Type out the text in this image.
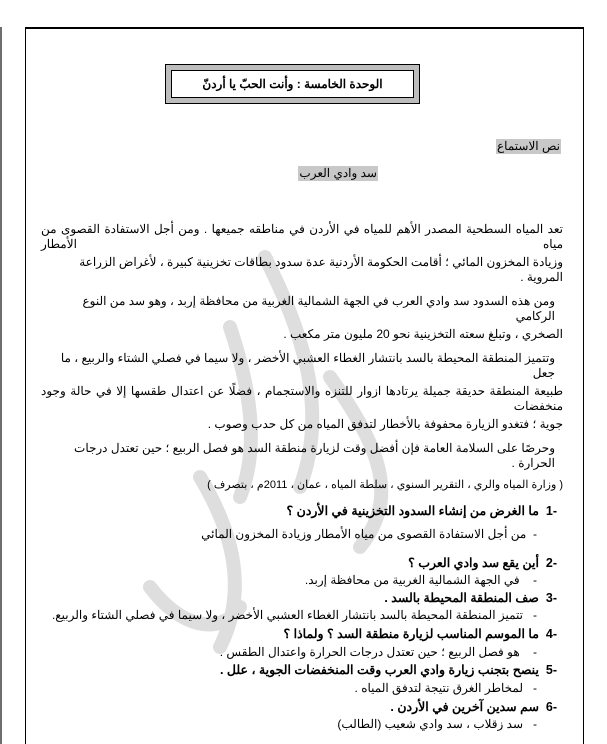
الوحدة الخامسة : وأنت الحبّ يا أردنّ
نص الاستماع
سد وادي العرب
تعد المياه السطحية المصدر الأهم للمياه في الأردن في مناطقه جميعها . ومن أجل الاستفادة القصوى من مياه الأمطار
وزيادة المخزون المائي ؛ أقامت الحكومة الأردنية عدة سدود بطاقات تخزينية كبيرة ، لأغراض الزراعة المروية .
ومن هذه السدود سد وادي العرب في الجهة الشمالية الغربية من محافظة إربد ، وهو سد من النوع الركامي
الصخري ، وتبلغ سعته التخزينية نحو 20 مليون متر مكعب .
وتتميز المنطقة المحيطة بالسد بانتشار الغطاء العشبي الأخضر ، ولا سيما في فصلي الشتاء والربيع ، ما جعل
طبيعة المنطقة حديقة جميلة يرتادها ازوار للتنزه والاستجمام ، فضلًا عن اعتدال طقسها إلا في حالة وجود منخفضات
جوية ؛ فتغدو الزيارة محفوفة بالأخطار لتدفق المياه من كل حدب وصوب .
وحرصًا على السلامة العامة فإن أفضل وقت لزيارة منطقة السد هو فصل الربيع ؛ حين تعتدل درجات الحرارة .
( وزارة المياه والري ، التقرير السنوي ، سلطة المياه ، عمان ، 2011م ، بتصرف )
-1  ما الغرض من إنشاء السدود التخزينية في الأردن ؟
-  من أجل الاستفادة القصوى من مياه الأمطار وزيادة المخزون المائي
-2  أين يقع سد وادي العرب ؟
-    في الجهة الشمالية الغربية من محافظة إربد.
-3  صف المنطقة المحيطة بالسد .
-   تتميز المنطقة المحيطة بالسد بانتشار الغطاء العشبي الأخضر ، ولا سيما في فصلي الشتاء والربيع.
-4  ما الموسم المناسب لزيارة منطقة السد ؟ ولماذا ؟
-    هو فصل الربيع ؛ حين تعتدل درجات الحرارة واعتدال الطقس .
-5  ينصح بتجنب زيارة وادي العرب وقت المنخفضات الجوية ، علل .
-   لمخاطر الغرق نتيجة لتدفق المياه .
-6  سم سدين آخرين في الأردن .
-   سد زقلاب ، سد وادي شعيب (الطالب)
